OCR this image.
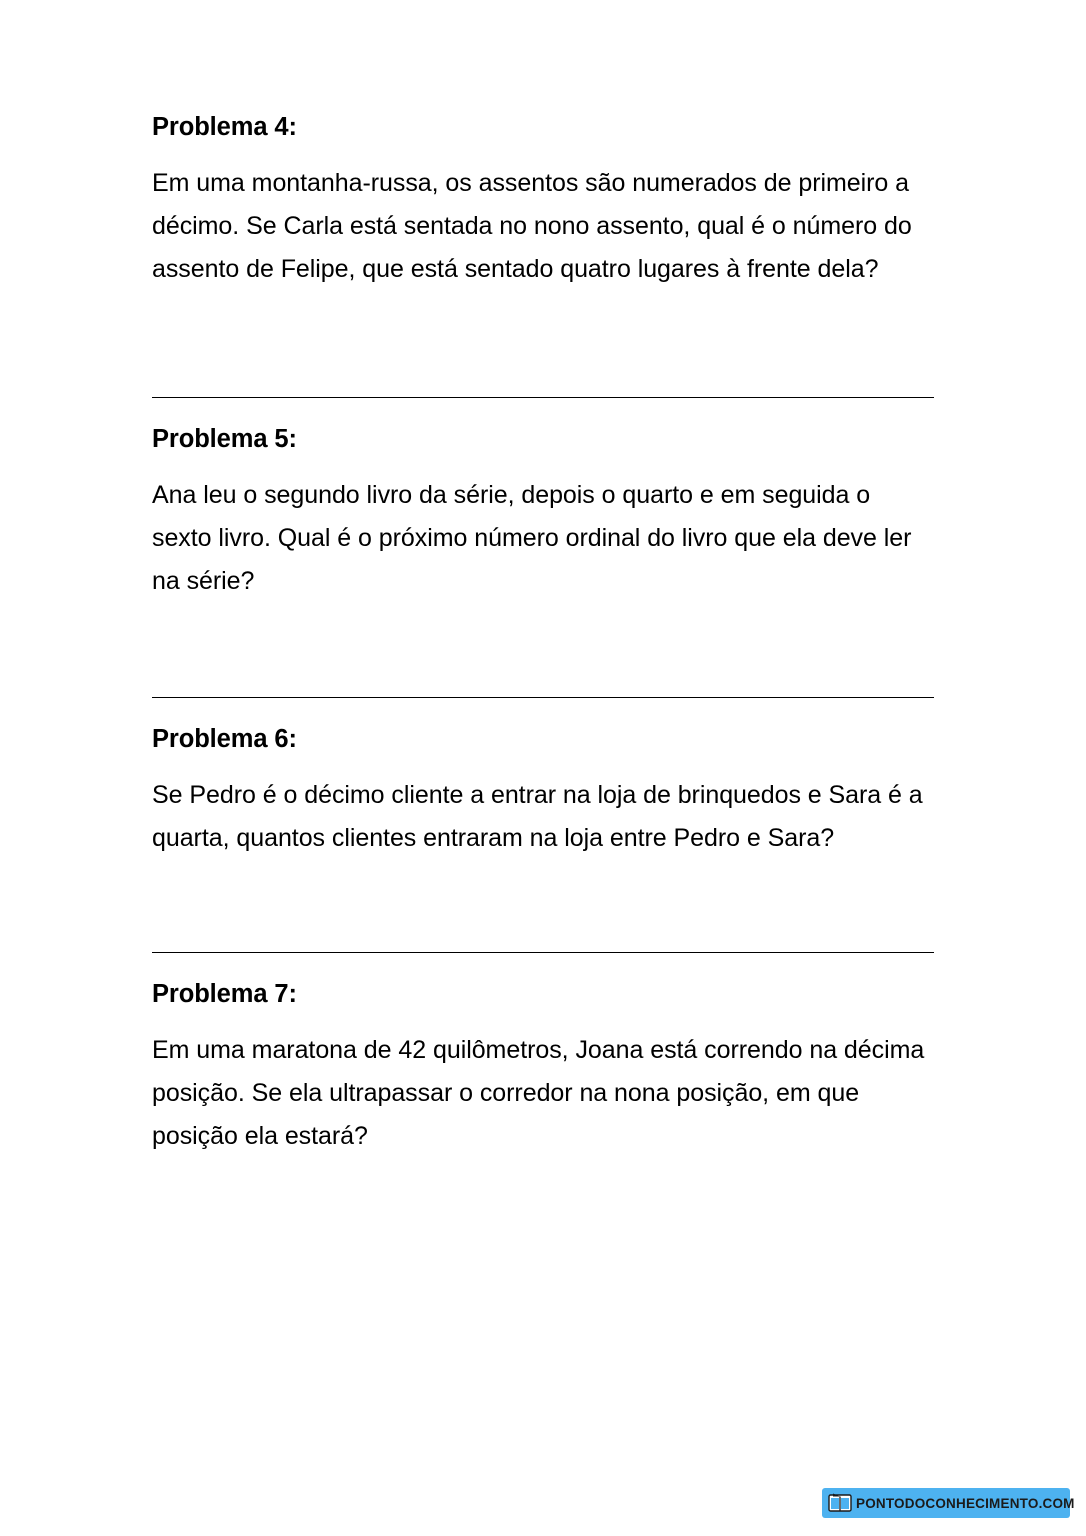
Problema 4:

Em uma montanha-russa, os assentos são numerados de primeiro a décimo. Se Carla está sentada no nono assento, qual é o número do assento de Felipe, que está sentado quatro lugares à frente dela?

Problema 5:

Ana leu o segundo livro da série, depois o quarto e em seguida o sexto livro. Qual é o próximo número ordinal do livro que ela deve ler na série?

Problema 6:

Se Pedro é o décimo cliente a entrar na loja de brinquedos e Sara é a quarta, quantos clientes entraram na loja entre Pedro e Sara?

Problema 7:

Em uma maratona de 42 quilômetros, Joana está correndo na décima posição. Se ela ultrapassar o corredor na nona posição, em que posição ela estará?

PONTODOCONHECIMENTO.COM
